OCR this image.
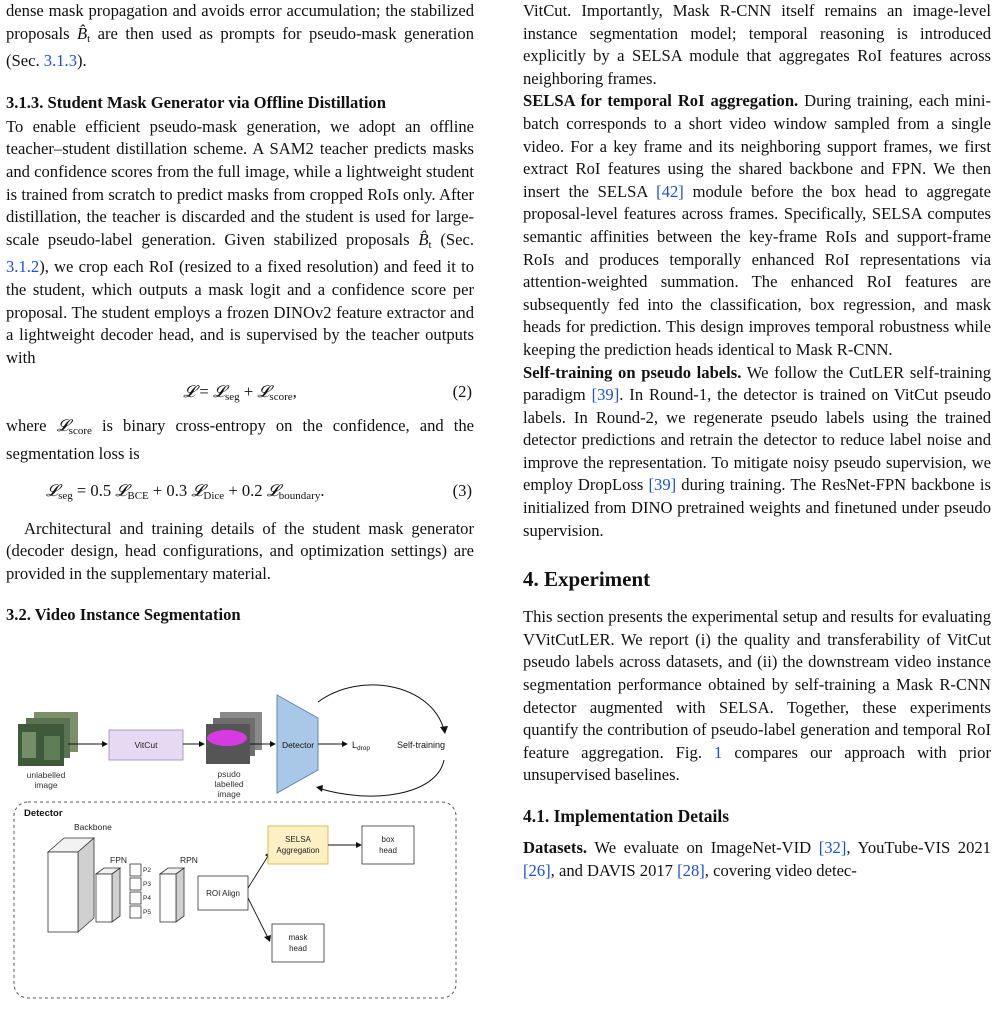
dense mask propagation and avoids error accumulation; the stabilized proposals $B̂_t$ are then used as prompts for pseudo-mask generation (Sec. 3.1.3).

3.1.3. Student Mask Generator via Offline Distillation

To enable efficient pseudo-mask generation, we adopt an offline teacher–student distillation scheme. A SAM2 teacher predicts masks and confidence scores from the full image, while a lightweight student is trained from scratch to predict masks from cropped RoIs only. After distillation, the teacher is discarded and the student is used for large-scale pseudo-label generation. Given stabilized proposals $B̂_t$ (Sec. 3.1.2), we crop each RoI (resized to a fixed resolution) and feed it to the student, which outputs a mask logit and a confidence score per proposal. The student employs a frozen DINOv2 feature extractor and a lightweight decoder head, and is supervised by the teacher outputs with

𝓛 = 𝓛$_{seg}$ + 𝓛$_{score}$,	(2)

where 𝓛$_{score}$ is binary cross-entropy on the confidence, and the segmentation loss is

𝓛$_{seg}$ = 0.5 𝓛$_{BCE}$ + 0.3 𝓛$_{Dice}$ + 0.2 𝓛$_{boundary}$.	(3)

Architectural and training details of the student mask generator (decoder design, head configurations, and optimization settings) are provided in the supplementary material.

3.2. Video Instance Segmentation
unlabelled
image
VitCut
psudo
labelled
image
Detector	$L_{drop}$	Self-training
Detector
Backbone
FPN
P2
P3
P4
P5
RPN
ROI Align
SELSA
Aggregation
box
head
mask
head

VitCut. Importantly, Mask R-CNN itself remains an image-level instance segmentation model; temporal reasoning is introduced explicitly by a SELSA module that aggregates RoI features across neighboring frames.

SELSA for temporal RoI aggregation. During training, each mini-batch corresponds to a short video window sampled from a single video. For a key frame and its neighboring support frames, we first extract RoI features using the shared backbone and FPN. We then insert the SELSA [42] module before the box head to aggregate proposal-level features across frames. Specifically, SELSA computes semantic affinities between the key-frame RoIs and support-frame RoIs and produces temporally enhanced RoI representations via attention-weighted summation. The enhanced RoI features are subsequently fed into the classification, box regression, and mask heads for prediction. This design improves temporal robustness while keeping the prediction heads identical to Mask R-CNN.

Self-training on pseudo labels. We follow the CutLER self-training paradigm [39]. In Round-1, the detector is trained on VitCut pseudo labels. In Round-2, we regenerate pseudo labels using the trained detector predictions and retrain the detector to reduce label noise and improve the representation. To mitigate noisy pseudo supervision, we employ DropLoss [39] during training. The ResNet-FPN backbone is initialized from DINO pretrained weights and finetuned under pseudo supervision.

4. Experiment

This section presents the experimental setup and results for evaluating VVitCutLER. We report (i) the quality and transferability of VitCut pseudo labels across datasets, and (ii) the downstream video instance segmentation performance obtained by self-training a Mask R-CNN detector augmented with SELSA. Together, these experiments quantify the contribution of pseudo-label generation and temporal RoI feature aggregation. Fig. 1 compares our approach with prior unsupervised baselines.

4.1. Implementation Details

Datasets. We evaluate on ImageNet-VID [32], YouTube-VIS 2021 [26], and DAVIS 2017 [28], covering video detec-
